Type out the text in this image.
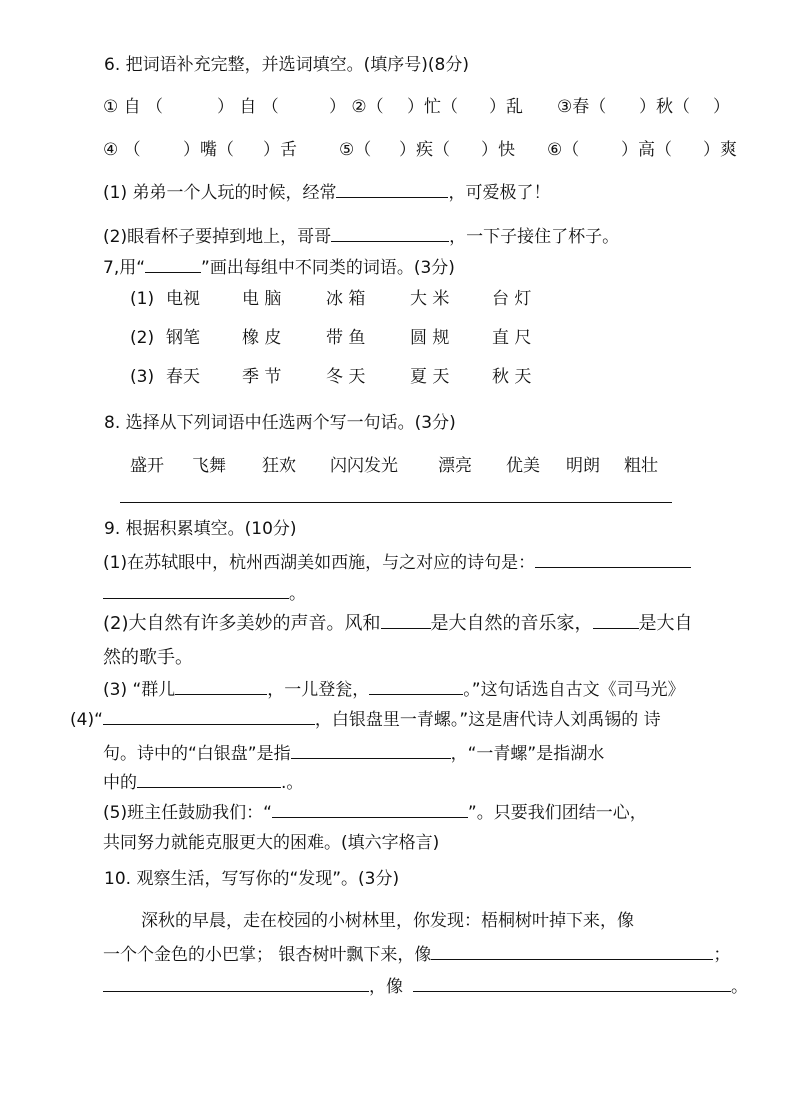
6. 把词语补充完整，并选词填空。(填序号)(8分)
① 自 （	） 自 （	） ②（ ）忙（ ）乱 ③春（ ）秋（ ）
④ （ ）嘴（ ）舌 ⑤（ ）疾（ ）快 ⑥（ ）高（ ）爽
(1) 弟弟一个人玩的时候，经常	，可爱极了！
(2)眼看杯子要掉到地上，哥哥	，一下子接住了杯子。
7,用“	”画出每组中不同类的词语。(3分)
(1) 电视 电 脑	冰 箱	大 米	台 灯
(2) 钢笔 橡 皮	带 鱼	圆 规	直 尺
(3) 春天 季 节	冬 天	夏 天	秋 天
8. 选择从下列词语中任选两个写一句话。(3分)
盛开 飞舞 狂欢 闪闪发光 漂亮 优美 明朗 粗壮
9. 根据积累填空。(10分)
(1)在苏轼眼中，杭州西湖美如西施，与之对应的诗句是：
。
(2)大自然有许多美妙的声音。风和	是大自然的音乐家，	是大自
然的歌手。
(3) “群儿	，一儿登瓮，	。”这句话选自古文《司马光》
(4)“	，白银盘里一青螺。”这是唐代诗人刘禹锡的 诗
句。诗中的“白银盘”是指	，“一青螺”是指湖水
中的	.。
(5)班主任鼓励我们：“	”。只要我们团结一心，
共同努力就能克服更大的困难。(填六字格言)
10. 观察生活，写写你的“发现”。(3分)
深秋的早晨，走在校园的小树林里，你发现：梧桐树叶掉下来，像
一个个金色的小巴掌； 银杏树叶飘下来，像	；
，像	。
